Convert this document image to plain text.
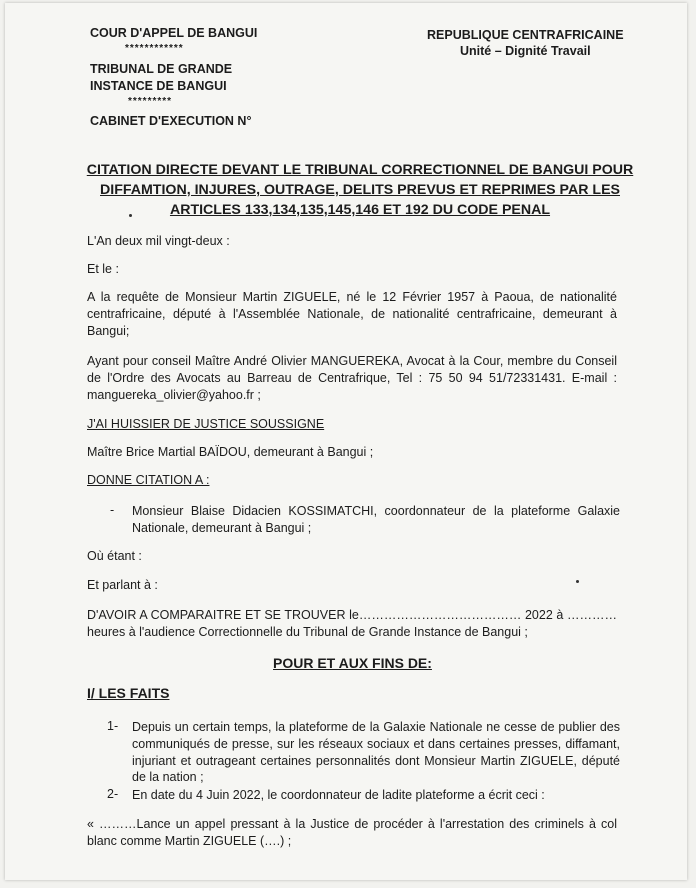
COUR D'APPEL DE BANGUI
************
TRIBUNAL DE GRANDE
INSTANCE DE BANGUI
*********
CABINET D'EXECUTION N°
REPUBLIQUE CENTRAFRICAINE
Unité – Dignité Travail
CITATION DIRECTE DEVANT LE TRIBUNAL CORRECTIONNEL DE BANGUI POUR
DIFFAMTION, INJURES, OUTRAGE, DELITS PREVUS ET REPRIMES PAR LES
ARTICLES 133,134,135,145,146 ET 192 DU CODE PENAL
L'An deux mil vingt-deux :
Et le :
A la requête de Monsieur Martin ZIGUELE, né le 12 Février 1957 à Paoua, de nationalité centrafricaine, député à l'Assemblée Nationale, de nationalité centrafricaine, demeurant à Bangui;
Ayant pour conseil Maître André Olivier MANGUEREKA, Avocat à la Cour, membre du Conseil de l'Ordre des Avocats au Barreau de Centrafrique, Tel : 75 50 94 51/72331431. E-mail : manguereka_olivier@yahoo.fr ;
J'AI HUISSIER DE JUSTICE SOUSSIGNE
Maître Brice Martial BAÏDOU, demeurant à Bangui ;
DONNE CITATION A :
- Monsieur Blaise Didacien KOSSIMATCHI, coordonnateur de la plateforme Galaxie Nationale, demeurant à Bangui ;
Où étant :
Et parlant à :
D'AVOIR A COMPARAITRE ET SE TROUVER le………………………………… 2022 à …………heures à l'audience Correctionnelle du Tribunal de Grande Instance de Bangui ;
POUR ET AUX FINS DE:
I/ LES FAITS
1- Depuis un certain temps, la plateforme de la Galaxie Nationale ne cesse de publier des communiqués de presse, sur les réseaux sociaux et dans certaines presses, diffamant, injuriant et outrageant certaines personnalités dont Monsieur Martin ZIGUELE, député de la nation ;
2- En date du 4 Juin 2022, le coordonnateur de ladite plateforme a écrit ceci :
« ………Lance un appel pressant à la Justice de procéder à l'arrestation des criminels à col blanc comme Martin ZIGUELE (….) ;
